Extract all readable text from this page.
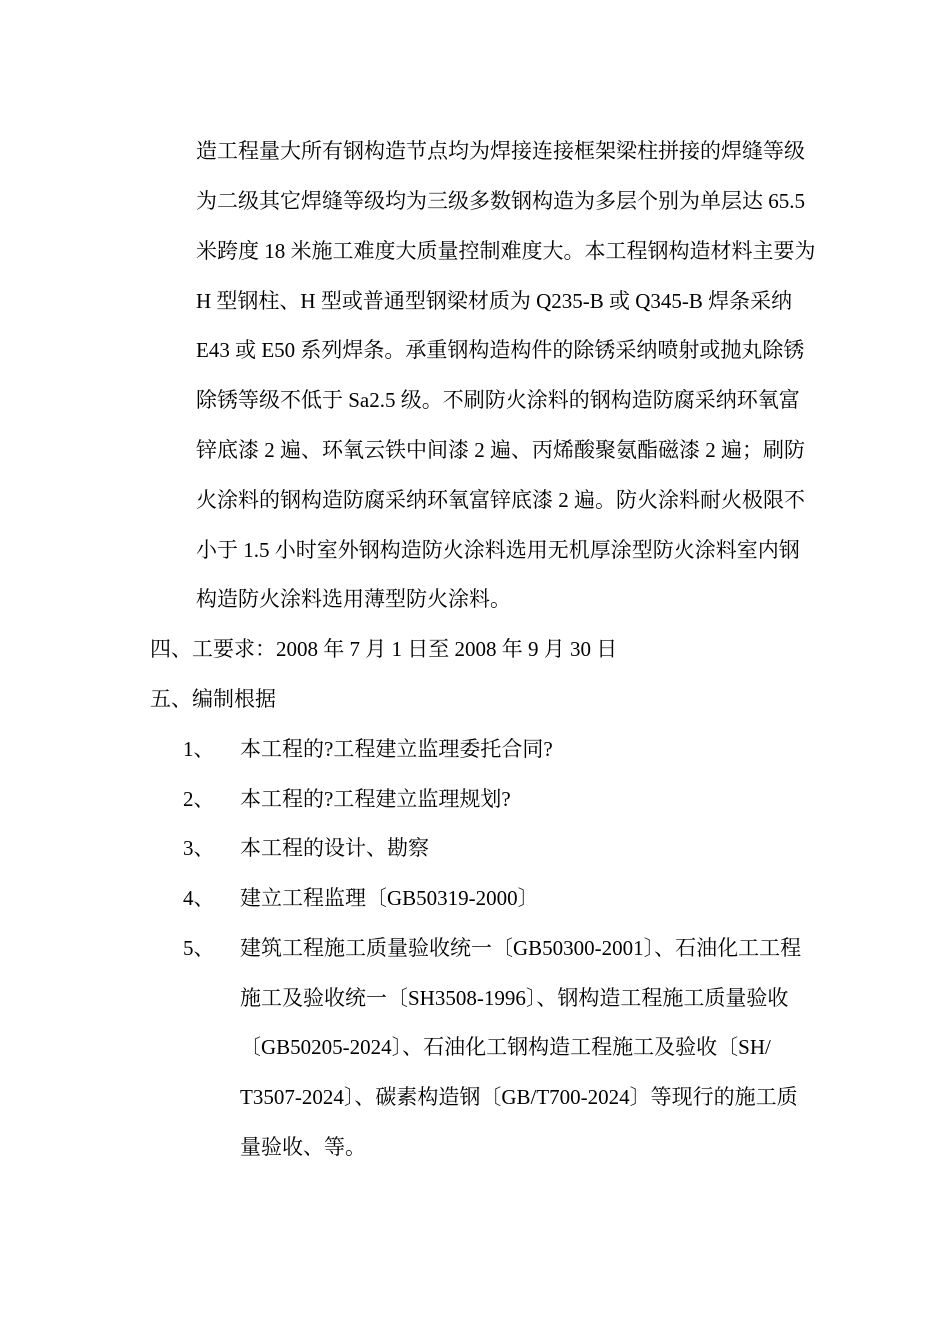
造工程量大所有钢构造节点均为焊接连接框架梁柱拼接的焊缝等级
为二级其它焊缝等级均为三级多数钢构造为多层个别为单层达 65.5
米跨度 18 米施工难度大质量控制难度大。本工程钢构造材料主要为
H 型钢柱、H 型或普通型钢梁材质为 Q235-B 或 Q345-B 焊条采纳
E43 或 E50 系列焊条。承重钢构造构件的除锈采纳喷射或抛丸除锈
除锈等级不低于 Sa2.5 级。不刷防火涂料的钢构造防腐采纳环氧富
锌底漆 2 遍、环氧云铁中间漆 2 遍、丙烯酸聚氨酯磁漆 2 遍；刷防
火涂料的钢构造防腐采纳环氧富锌底漆 2 遍。防火涂料耐火极限不
小于 1.5 小时室外钢构造防火涂料选用无机厚涂型防火涂料室内钢
构造防火涂料选用薄型防火涂料。
四、工要求：2008 年 7 月 1 日至 2008 年 9 月 30 日
五、编制根据
1、 本工程的?工程建立监理委托合同?
2、 本工程的?工程建立监理规划?
3、 本工程的设计、勘察
4、 建立工程监理〔GB50319-2000〕
5、 建筑工程施工质量验收统一〔GB50300-2001〕、石油化工工程
施工及验收统一〔SH3508-1996〕、钢构造工程施工质量验收
〔GB50205-2024〕、石油化工钢构造工程施工及验收〔SH/
T3507-2024〕、碳素构造钢〔GB/T700-2024〕等现行的施工质
量验收、等。
